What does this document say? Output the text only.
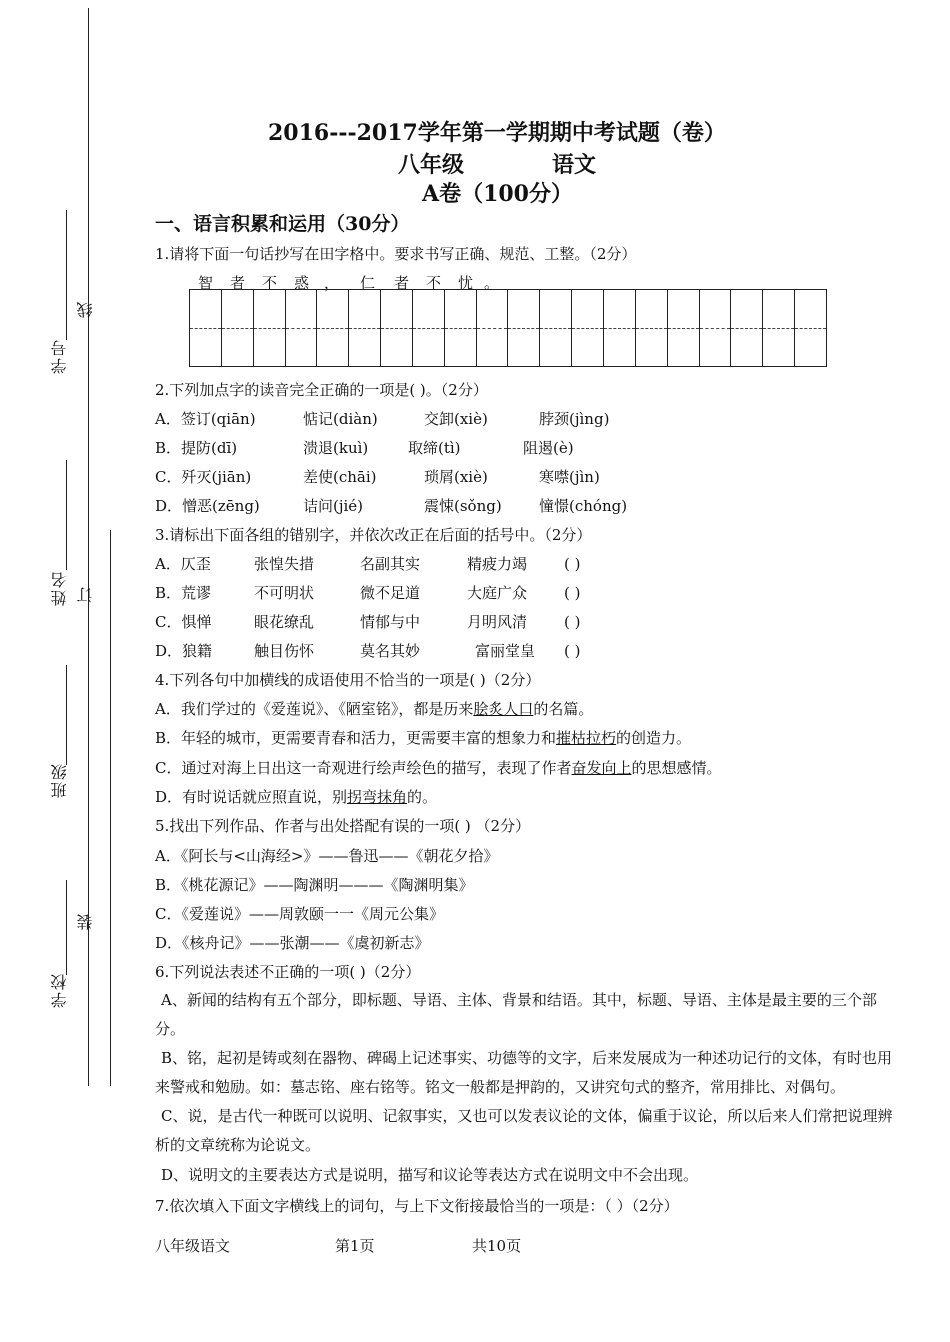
学号
姓名
班级
学校
线
订
装
2016---2017学年第一学期期中考试题（卷）
八年级	语文
A卷（100分）
一、语言积累和运用（30分）
1.请将下面一句话抄写在田字格中。要求书写正确、规范、工整。（2分）
智 者 不 惑 ， 仁 者 不 忧 。
2.下列加点字的读音完全正确的一项是( )。（2分）
A．签订(qiān)	惦记(diàn)	交卸(xiè)	脖颈(jìng)
B．提防(dī)	溃退(kuì)	取缔(tì)	阻遏(è)
C．歼灭(jiān)	差使(chāi)	琐屑(xiè)	寒噤(jìn)
D．憎恶(zēng)	诘问(jié)	震悚(sǒng) 憧憬(chóng)
3.请标出下面各组的错别字，并依次改正在后面的括号中。（2分）
A．仄歪	张惶失措	名副其实	精疲力竭 ( )
B．荒谬	不可明状	微不足道	大庭广众 ( )
C．惧惮	眼花缭乱	情郁与中	月明风清 ( )
D．狼籍	触目伤怀	莫名其妙	富丽堂皇 ( )
4.下列各句中加横线的成语使用不恰当的一项是( )（2分）
A．我们学过的《爱莲说》、《陋室铭》，都是历来脍炙人口的名篇。
B．年轻的城市，更需要青春和活力，更需要丰富的想象力和摧枯拉朽的创造力。
C．通过对海上日出这一奇观进行绘声绘色的描写，表现了作者奋发向上的思想感情。
D．有时说话就应照直说，别拐弯抹角的。
5.找出下列作品、作者与出处搭配有误的一项( ) （2分）
A．《阿长与<山海经>》——鲁迅——《朝花夕拾》
B．《桃花源记》——陶渊明———《陶渊明集》
C．《爱莲说》——周敦颐一一《周元公集》
D．《核舟记》——张潮——《虞初新志》
6.下列说法表述不正确的一项( )（2分）
A、新闻的结构有五个部分，即标题、导语、主体、背景和结语。其中，标题、导语、主体是最主要的三个部分。
B、铭，起初是铸或刻在器物、碑碣上记述事实、功德等的文字，后来发展成为一种述功记行的文体，有时也用来警戒和勉励。如：墓志铭、座右铭等。铭文一般都是押韵的，又讲究句式的整齐，常用排比、对偶句。
C、说，是古代一种既可以说明、记叙事实，又也可以发表议论的文体，偏重于议论，所以后来人们常把说理辨析的文章统称为论说文。
D、说明文的主要表达方式是说明，描写和议论等表达方式在说明文中不会出现。
7.依次填入下面文字横线上的词句，与上下文衔接最恰当的一项是：（ ）（2分）
八年级语文	第1页	共10页
